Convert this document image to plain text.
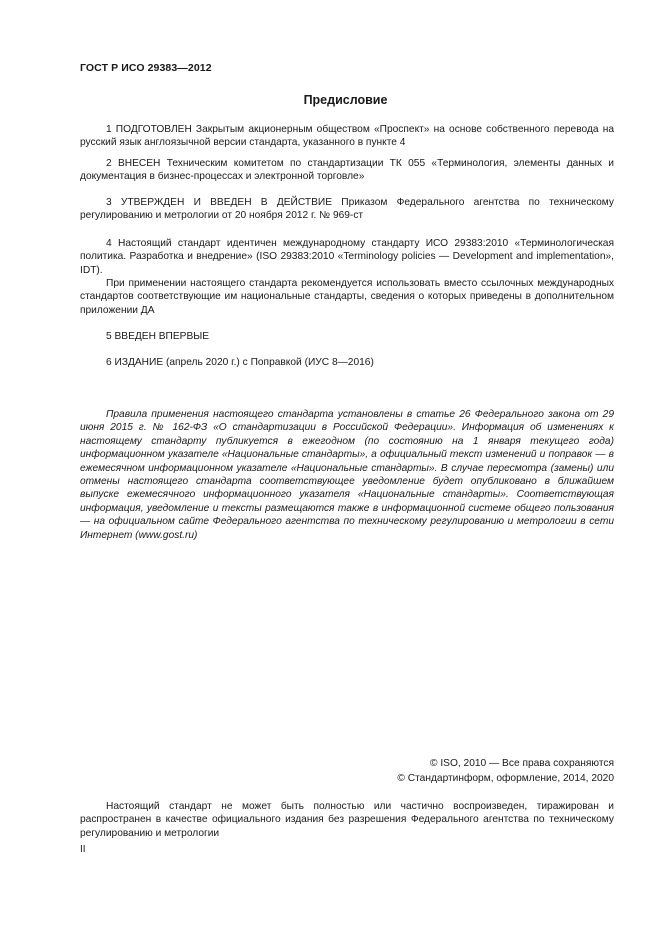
ГОСТ Р ИСО 29383—2012
Предисловие
1 ПОДГОТОВЛЕН Закрытым акционерным обществом «Проспект» на основе собственного перевода на русский язык англоязычной версии стандарта, указанного в пункте 4
2 ВНЕСЕН Техническим комитетом по стандартизации ТК 055 «Терминология, элементы данных и документация в бизнес-процессах и электронной торговле»
3 УТВЕРЖДЕН И ВВЕДЕН В ДЕЙСТВИЕ Приказом Федерального агентства по техническому регулированию и метрологии от 20 ноября 2012 г. № 969-ст
4 Настоящий стандарт идентичен международному стандарту ИСО 29383:2010 «Терминологическая политика. Разработка и внедрение» (ISO 29383:2010 «Terminology policies — Development and implementation», IDT).
При применении настоящего стандарта рекомендуется использовать вместо ссылочных международных стандартов соответствующие им национальные стандарты, сведения о которых приведены в дополнительном приложении ДА
5 ВВЕДЕН ВПЕРВЫЕ
6 ИЗДАНИЕ (апрель 2020 г.) с Поправкой (ИУС 8—2016)
Правила применения настоящего стандарта установлены в статье 26 Федерального закона от 29 июня 2015 г. № 162-ФЗ «О стандартизации в Российской Федерации». Информация об изменениях к настоящему стандарту публикуется в ежегодном (по состоянию на 1 января текущего года) информационном указателе «Национальные стандарты», а официальный текст изменений и поправок — в ежемесячном информационном указателе «Национальные стандарты». В случае пересмотра (замены) или отмены настоящего стандарта соответствующее уведомление будет опубликовано в ближайшем выпуске ежемесячного информационного указателя «Национальные стандарты». Соответствующая информация, уведомление и тексты размещаются также в информационной системе общего пользования — на официальном сайте Федерального агентства по техническому регулированию и метрологии в сети Интернет (www.gost.ru)
© ISO, 2010 — Все права сохраняются
© Стандартинформ, оформление, 2014, 2020
Настоящий стандарт не может быть полностью или частично воспроизведен, тиражирован и распространен в качестве официального издания без разрешения Федерального агентства по техническому регулированию и метрологии
II
